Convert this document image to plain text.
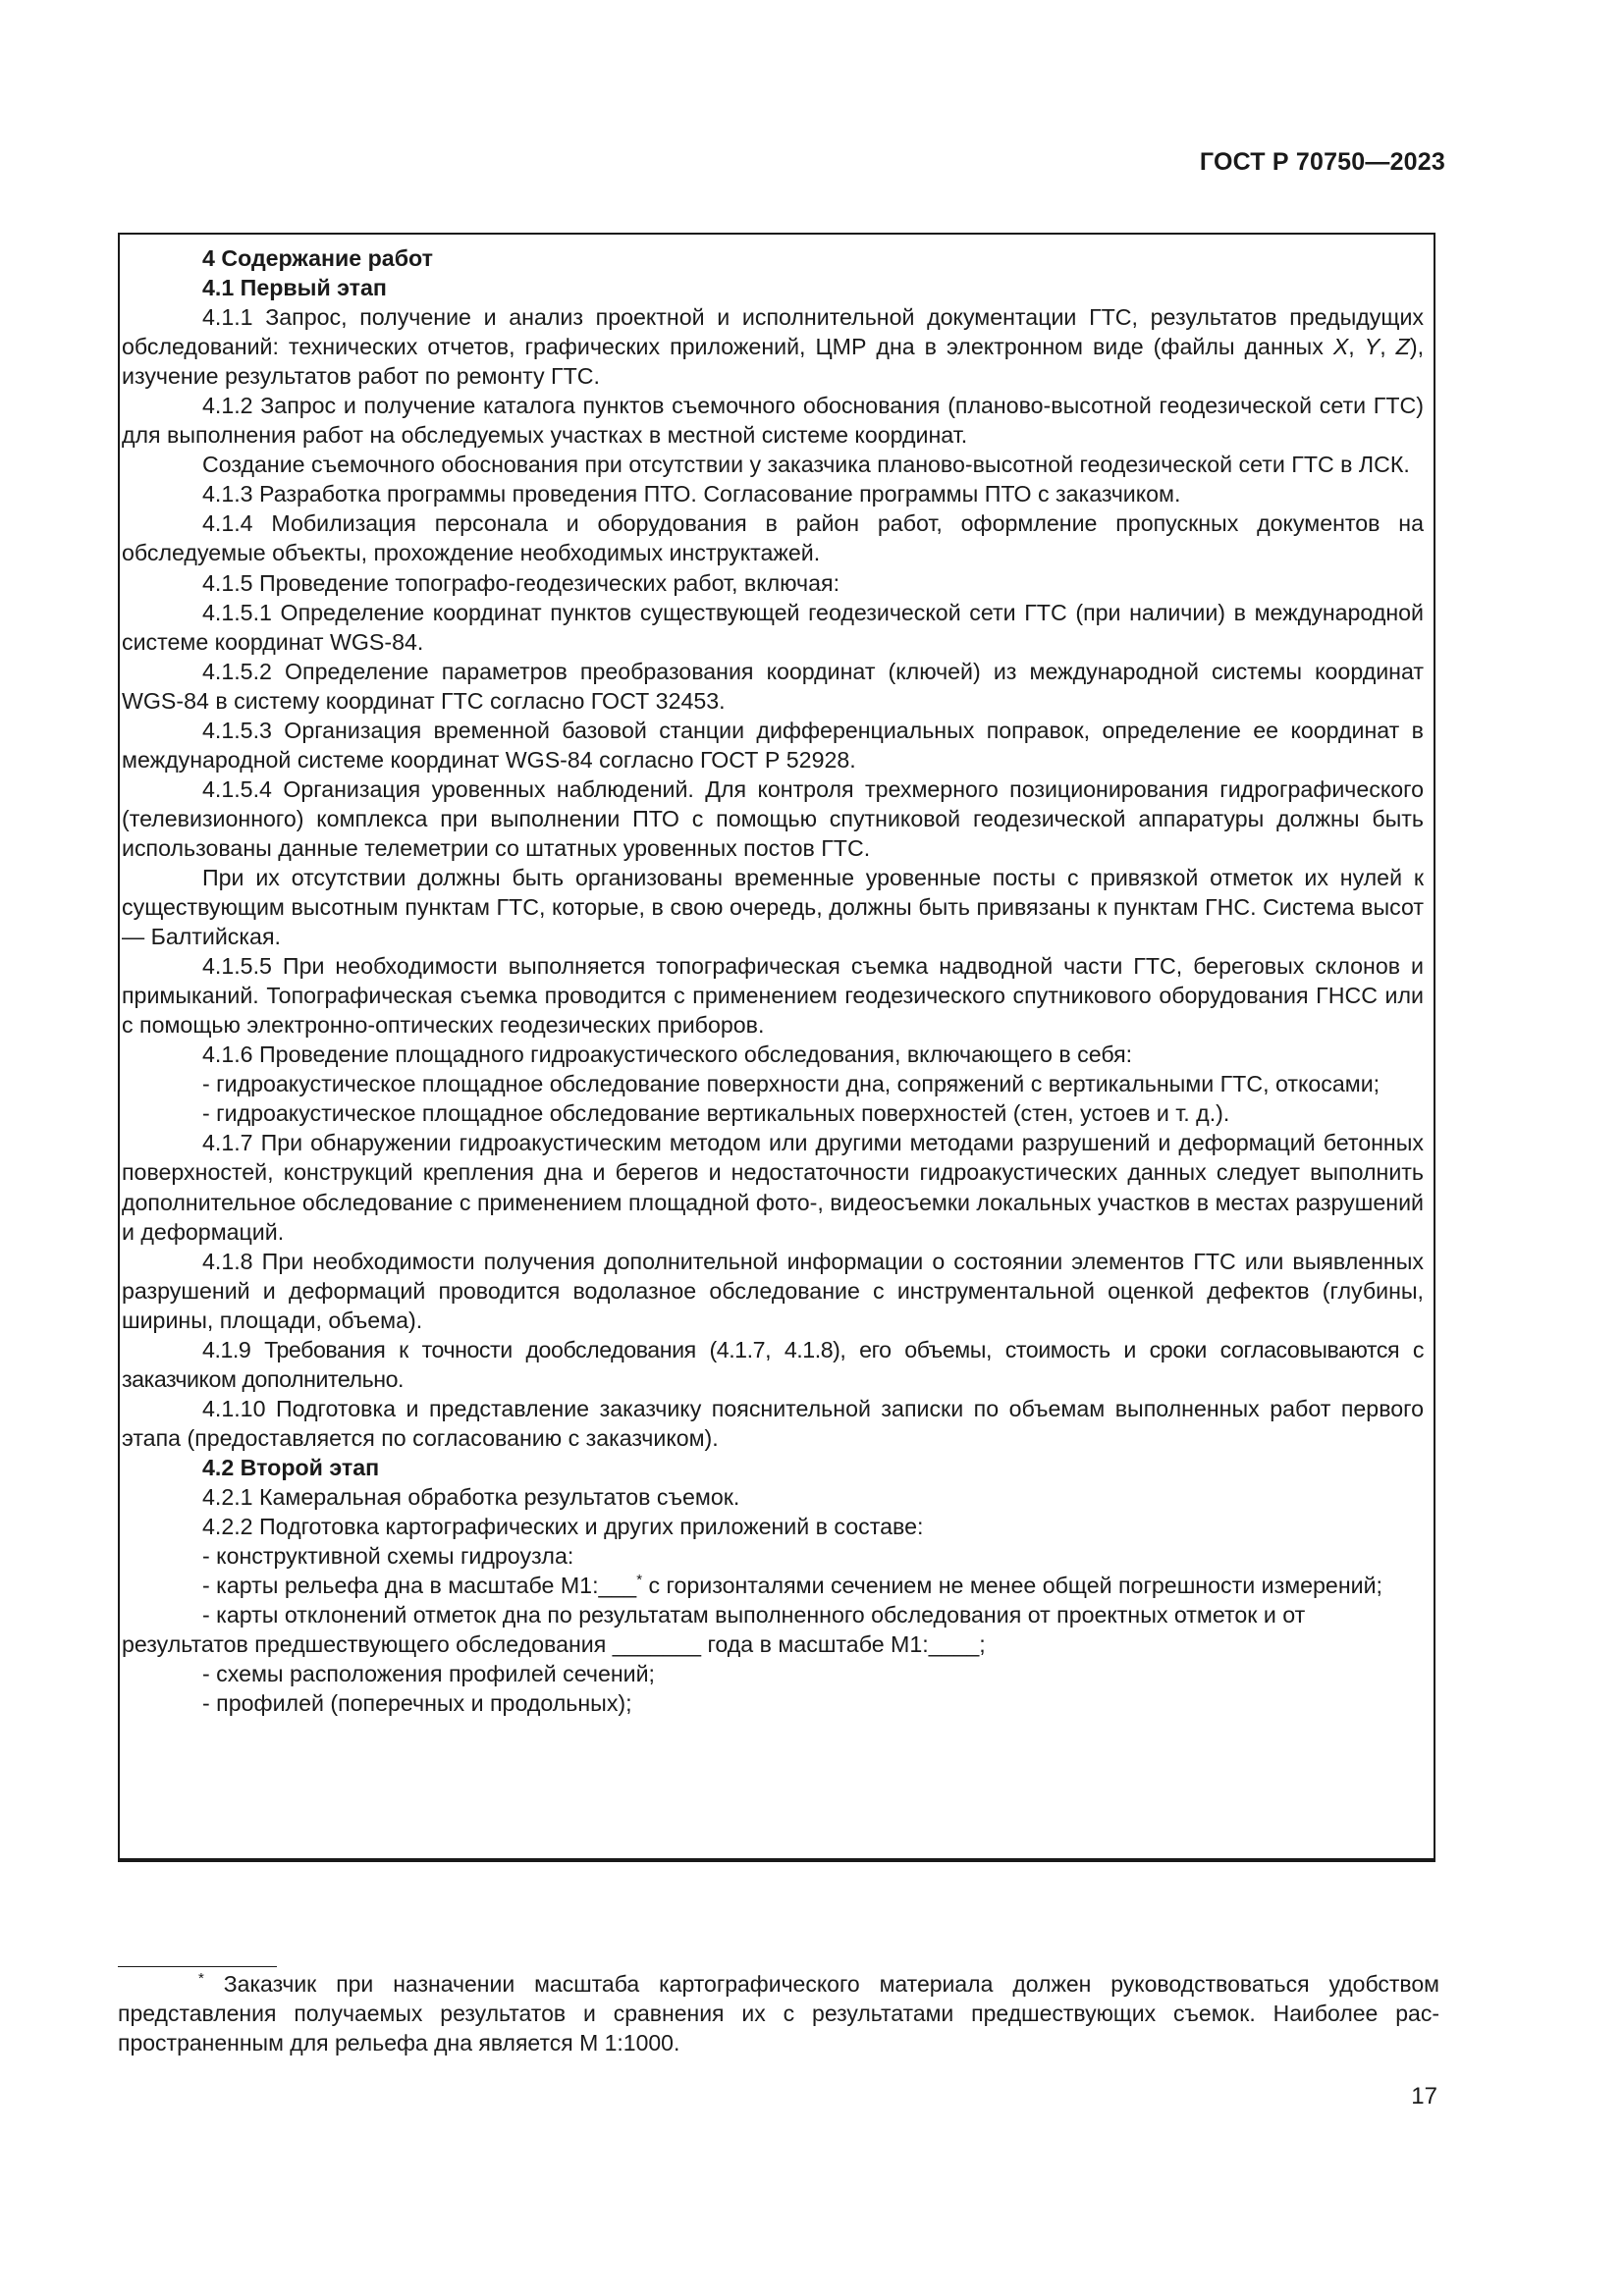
ГОСТ Р 70750—2023

4 Содержание работ

4.1 Первый этап

4.1.1 Запрос, получение и анализ проектной и исполнительной документации ГТС, результатов предыдущих обследований: технических отчетов, графических приложений, ЦМР дна в электронном виде (файлы данных X, Y, Z), изучение результатов работ по ремонту ГТС.

4.1.2 Запрос и получение каталога пунктов съемочного обоснования (планово-высотной геодезической сети ГТС) для выполнения работ на обследуемых участках в местной системе координат.

Создание съемочного обоснования при отсутствии у заказчика планово-высотной геодезической сети ГТС в ЛСК.

4.1.3 Разработка программы проведения ПТО. Согласование программы ПТО с заказчиком.

4.1.4 Мобилизация персонала и оборудования в район работ, оформление пропускных документов на обследуемые объекты, прохождение необходимых инструктажей.

4.1.5 Проведение топографо-геодезических работ, включая:

4.1.5.1 Определение координат пунктов существующей геодезической сети ГТС (при наличии) в международной системе координат WGS-84.

4.1.5.2 Определение параметров преобразования координат (ключей) из международной системы координат WGS-84 в систему координат ГТС согласно ГОСТ 32453.

4.1.5.3 Организация временной базовой станции дифференциальных поправок, определение ее координат в международной системе координат WGS-84 согласно ГОСТ Р 52928.

4.1.5.4 Организация уровенных наблюдений. Для контроля трехмерного позиционирования гидрографического (телевизионного) комплекса при выполнении ПТО с помощью спутниковой геодезической аппаратуры должны быть использованы данные телеметрии со штатных уровенных постов ГТС.

При их отсутствии должны быть организованы временные уровенные посты с привязкой отметок их нулей к существующим высотным пунктам ГТС, которые, в свою очередь, должны быть привязаны к пунктам ГНС. Система высот — Балтийская.

4.1.5.5 При необходимости выполняется топографическая съемка надводной части ГТС, береговых склонов и примыканий. Топографическая съемка проводится с применением геодезического спутникового оборудования ГНСС или с помощью электронно-оптических геодезических приборов.

4.1.6 Проведение площадного гидроакустического обследования, включающего в себя:

- гидроакустическое площадное обследование поверхности дна, сопряжений с вертикальными ГТС, откосами;

- гидроакустическое площадное обследование вертикальных поверхностей (стен, устоев и т. д.).

4.1.7 При обнаружении гидроакустическим методом или другими методами разрушений и деформаций бетонных поверхностей, конструкций крепления дна и берегов и недостаточности гидроакустических данных следует выполнить дополнительное обследование с применением площадной фото-, видеосъемки локальных участков в местах разрушений и деформаций.

4.1.8 При необходимости получения дополнительной информации о состоянии элементов ГТС или выявленных разрушений и деформаций проводится водолазное обследование с инструментальной оценкой дефектов (глубины, ширины, площади, объема).

4.1.9 Требования к точности дообследования (4.1.7, 4.1.8), его объемы, стоимость и сроки согласовываются с заказчиком дополнительно.

4.1.10 Подготовка и представление заказчику пояснительной записки по объемам выполненных работ первого этапа (предоставляется по согласованию с заказчиком).

4.2 Второй этап

4.2.1 Камеральная обработка результатов съемок.

4.2.2 Подготовка картографических и других приложений в составе:

- конструктивной схемы гидроузла:

- карты рельефа дна в масштабе М1:___* с горизонталями сечением не менее общей погрешности измерений;

- карты отклонений отметок дна по результатам выполненного обследования от проектных отметок и от результатов предшествующего обследования _______ года в масштабе М1:____;

- схемы расположения профилей сечений;

- профилей (поперечных и продольных);

* Заказчик при назначении масштаба картографического материала должен руководствоваться удобством представления получаемых результатов и сравнения их с результатами предшествующих съемок. Наиболее распространенным для рельефа дна является М 1:1000.
17
